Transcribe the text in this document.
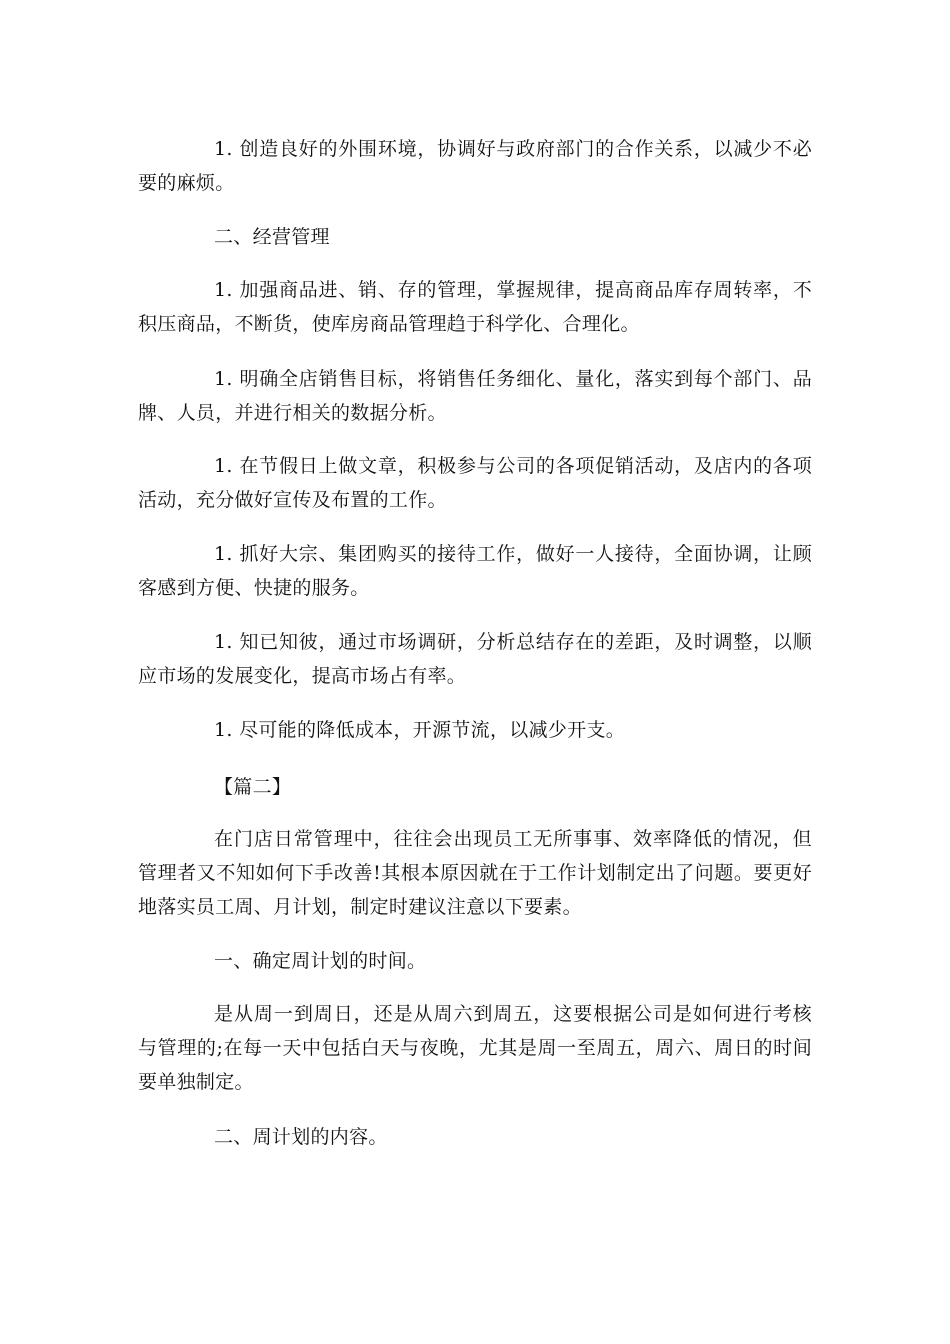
1. 创造良好的外围环境，协调好与政府部门的合作关系，以减少不必要的麻烦。

二、经营管理

1. 加强商品进、销、存的管理，掌握规律，提高商品库存周转率，不积压商品，不断货，使库房商品管理趋于科学化、合理化。

1. 明确全店销售目标，将销售任务细化、量化，落实到每个部门、品牌、人员，并进行相关的数据分析。

1. 在节假日上做文章，积极参与公司的各项促销活动，及店内的各项活动，充分做好宣传及布置的工作。

1. 抓好大宗、集团购买的接待工作，做好一人接待，全面协调，让顾客感到方便、快捷的服务。

1. 知已知彼，通过市场调研，分析总结存在的差距，及时调整，以顺应市场的发展变化，提高市场占有率。

1. 尽可能的降低成本，开源节流，以减少开支。

【篇二】

在门店日常管理中，往往会出现员工无所事事、效率降低的情况，但管理者又不知如何下手改善!其根本原因就在于工作计划制定出了问题。要更好地落实员工周、月计划，制定时建议注意以下要素。

一、确定周计划的时间。

是从周一到周日，还是从周六到周五，这要根据公司是如何进行考核与管理的;在每一天中包括白天与夜晚，尤其是周一至周五，周六、周日的时间要单独制定。

二、周计划的内容。
